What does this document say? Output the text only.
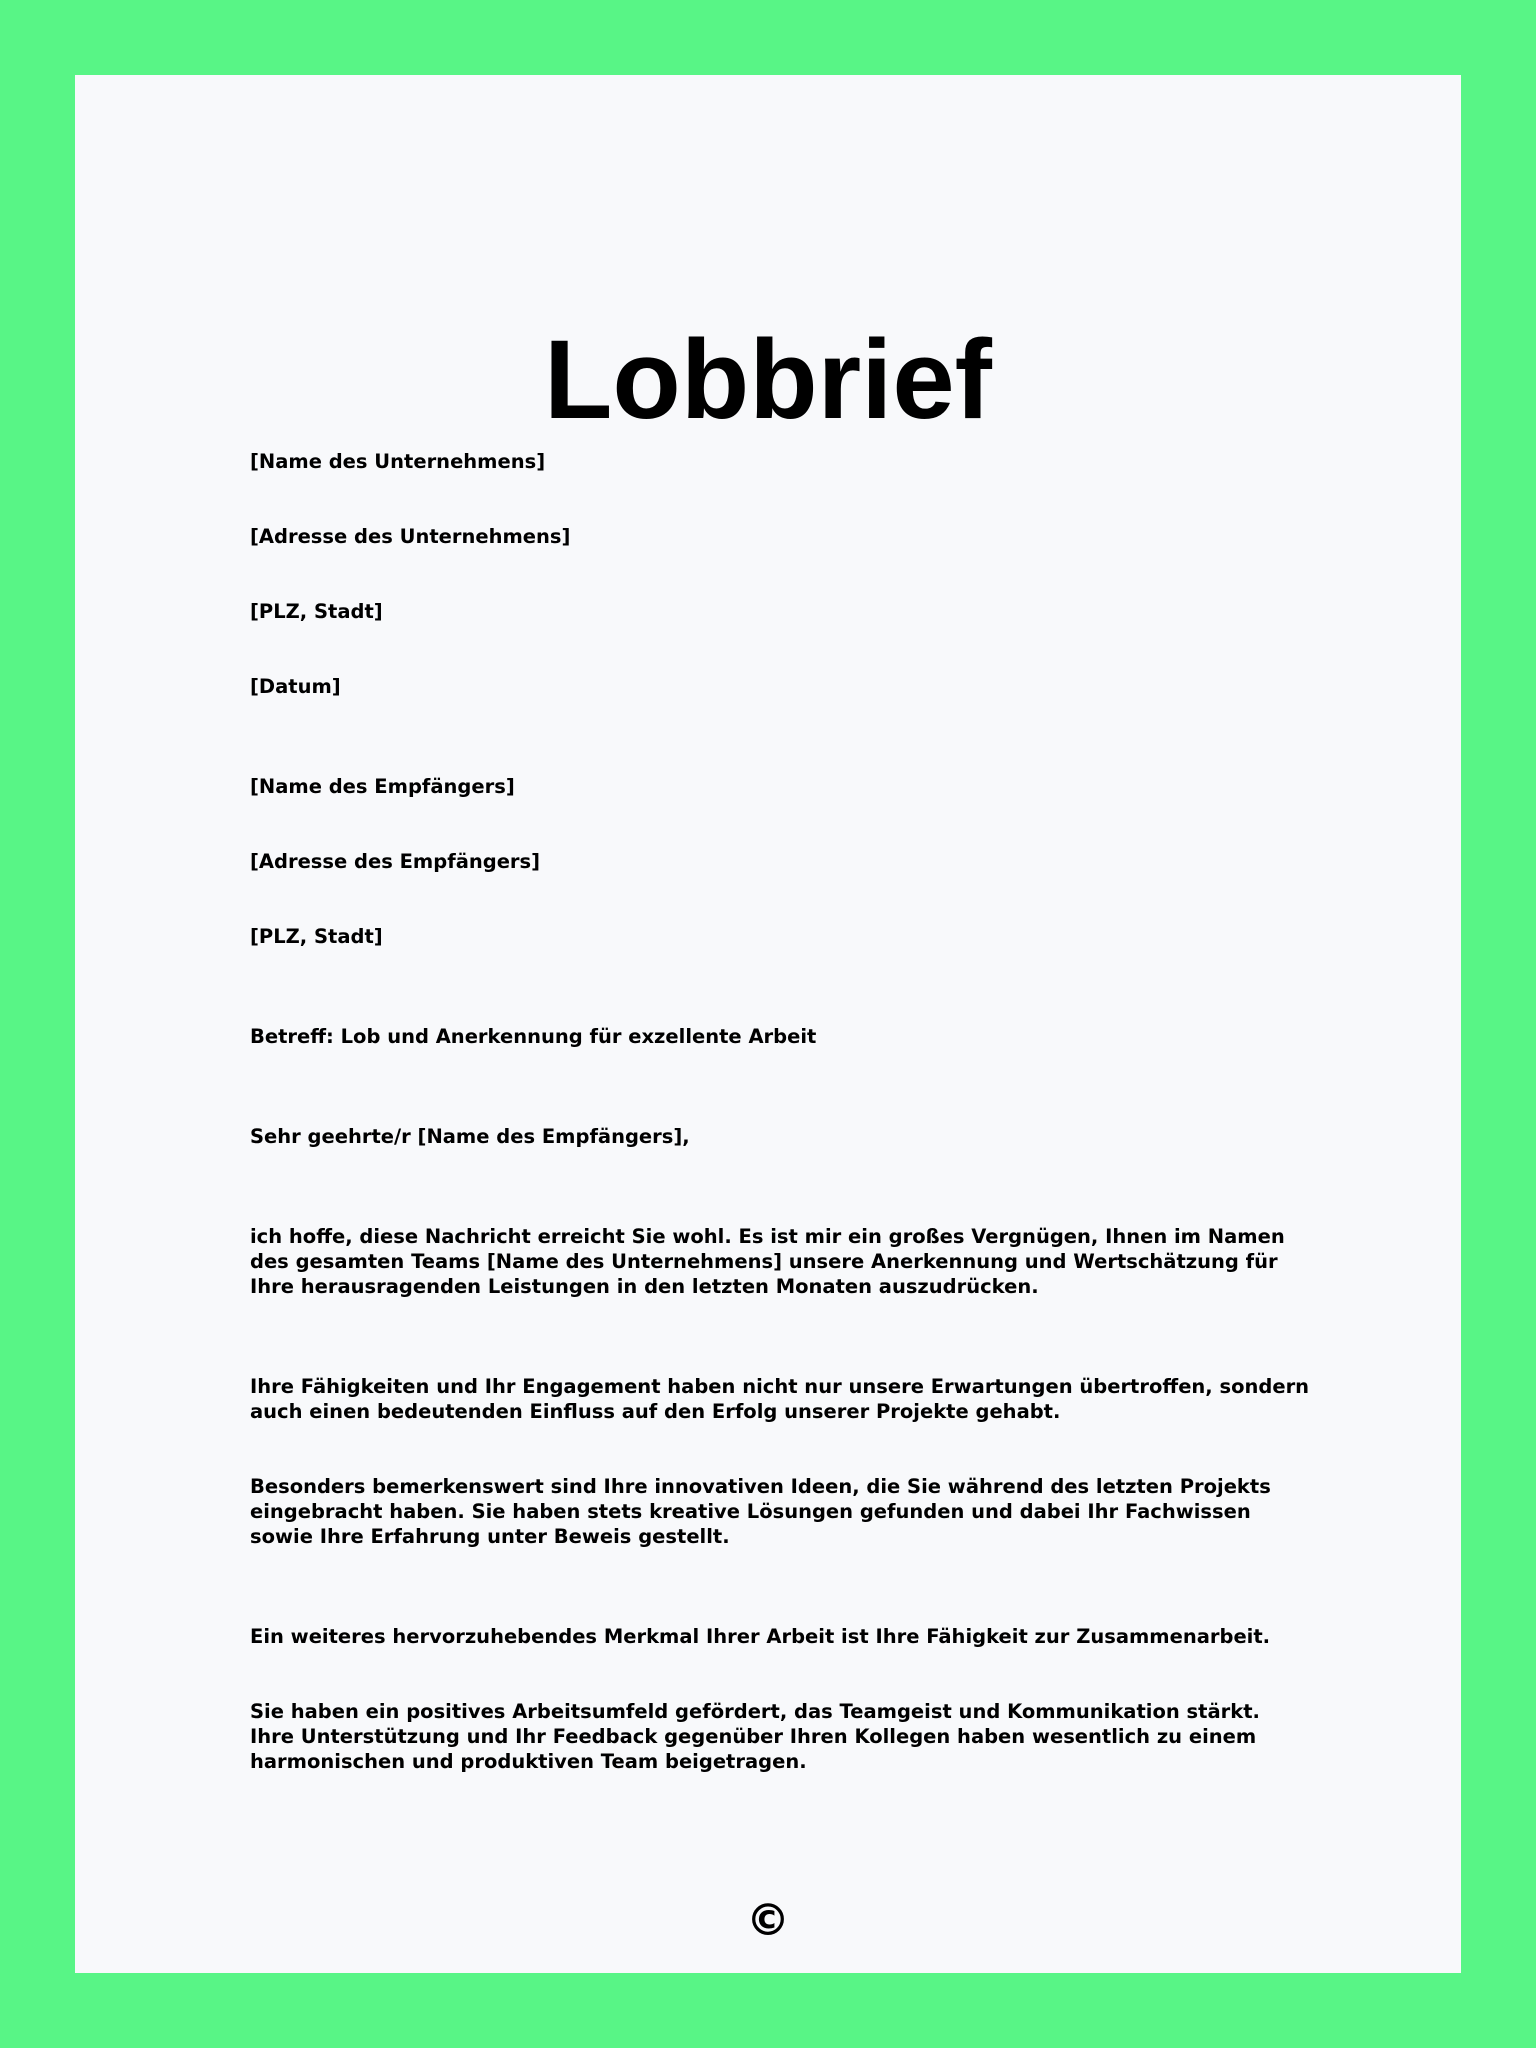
Lobbrief

[Name des Unternehmens]

[Adresse des Unternehmens]

[PLZ, Stadt]

[Datum]

[Name des Empfängers]

[Adresse des Empfängers]

[PLZ, Stadt]

Betreff: Lob und Anerkennung für exzellente Arbeit

Sehr geehrte/r [Name des Empfängers],

ich hoffe, diese Nachricht erreicht Sie wohl. Es ist mir ein großes Vergnügen, Ihnen im Namen des gesamten Teams [Name des Unternehmens] unsere Anerkennung und Wertschätzung für Ihre herausragenden Leistungen in den letzten Monaten auszudrücken.

Ihre Fähigkeiten und Ihr Engagement haben nicht nur unsere Erwartungen übertroffen, sondern auch einen bedeutenden Einfluss auf den Erfolg unserer Projekte gehabt.

Besonders bemerkenswert sind Ihre innovativen Ideen, die Sie während des letzten Projekts eingebracht haben. Sie haben stets kreative Lösungen gefunden und dabei Ihr Fachwissen sowie Ihre Erfahrung unter Beweis gestellt.

Ein weiteres hervorzuhebendes Merkmal Ihrer Arbeit ist Ihre Fähigkeit zur Zusammenarbeit.

Sie haben ein positives Arbeitsumfeld gefördert, das Teamgeist und Kommunikation stärkt. Ihre Unterstützung und Ihr Feedback gegenüber Ihren Kollegen haben wesentlich zu einem harmonischen und produktiven Team beigetragen.

©
